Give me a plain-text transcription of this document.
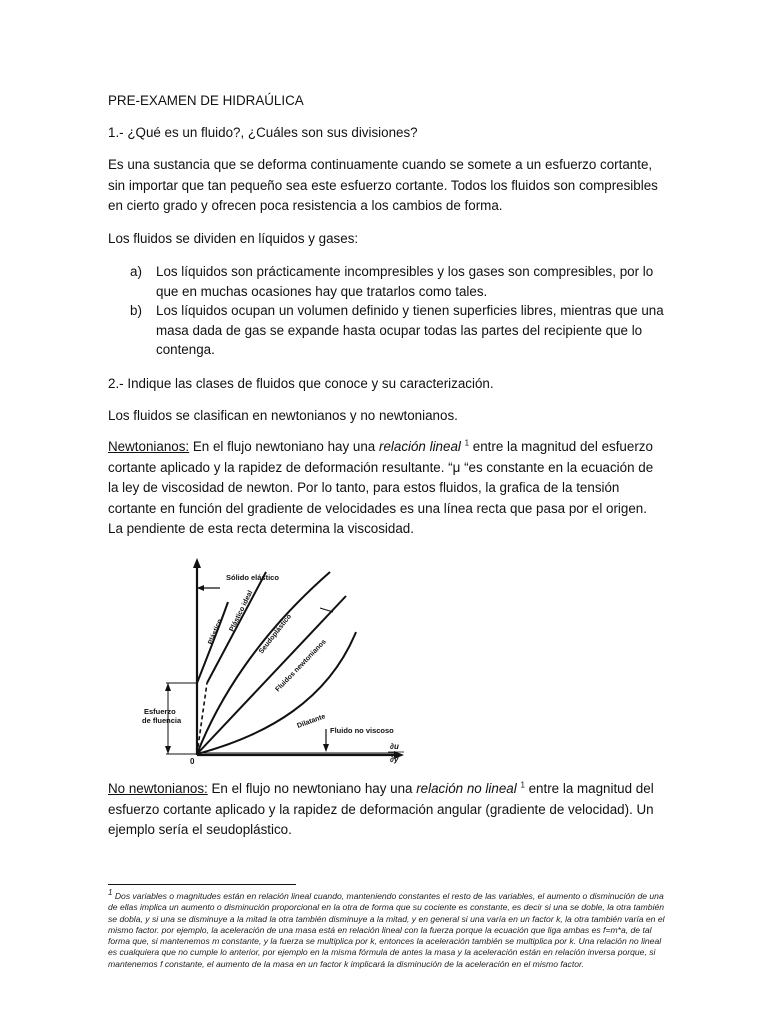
PRE-EXAMEN DE HIDRAÚLICA

1.- ¿Qué es un fluido?, ¿Cuáles son sus divisiones?

Es una sustancia que se deforma continuamente cuando se somete a un esfuerzo cortante, sin importar que tan pequeño sea este esfuerzo cortante. Todos los fluidos son compresibles en cierto grado y ofrecen poca resistencia a los cambios de forma.

Los fluidos se dividen en líquidos y gases:

a) Los líquidos son prácticamente incompresibles y los gases son compresibles, por lo que en muchas ocasiones hay que tratarlos como tales.
b) Los líquidos ocupan un volumen definido y tienen superficies libres, mientras que una masa dada de gas se expande hasta ocupar todas las partes del recipiente que lo contenga.

2.- Indique las clases de fluidos que conoce y su caracterización.

Los fluidos se clasifican en newtonianos y no newtonianos.

Newtonianos: En el flujo newtoniano hay una relación lineal $^1$ entre la magnitud del esfuerzo cortante aplicado y la rapidez de deformación resultante. “μ “es constante en la ecuación de la ley de viscosidad de newton. Por lo tanto, para estos fluidos, la grafica de la tensión cortante en función del gradiente de velocidades es una línea recta que pasa por el origen. La pendiente de esta recta determina la viscosidad.

Sólido elástico
Plástico Plástico ideal
Seudoplástico
Fluidos newtonianos
Dilatante
Fluido no viscoso
Esfuerzo
de fluencia
0
∂u
∂y

No newtonianos: En el flujo no newtoniano hay una relación no lineal $^1$ entre la magnitud del esfuerzo cortante aplicado y la rapidez de deformación angular (gradiente de velocidad). Un ejemplo sería el seudoplástico.

$^1$ Dos variables o magnitudes están en relación lineal cuando, manteniendo constantes el resto de las variables, el aumento o disminución de una de ellas implica un aumento o disminución proporcional en la otra de forma que su cociente es constante, es decir si una se doble, la otra también se dobla, y si una se disminuye a la mitad la otra también disminuye a la mitad, y en general si una varía en un factor k, la otra también varía en el mismo factor. por ejemplo, la aceleración de una masa está en relación lineal con la fuerza porque la ecuación que liga ambas es f=m*a, de tal forma que, si mantenemos m constante, y la fuerza se multiplica por k, entonces la aceleración también se multiplica por k. Una relación no lineal es cualquiera que no cumple lo anterior, por ejemplo en la misma fórmula de antes la masa y la aceleración están en relación inversa porque, si mantenemos f constante, el aumento de la masa en un factor k implicará la disminución de la aceleración en el mismo factor.
